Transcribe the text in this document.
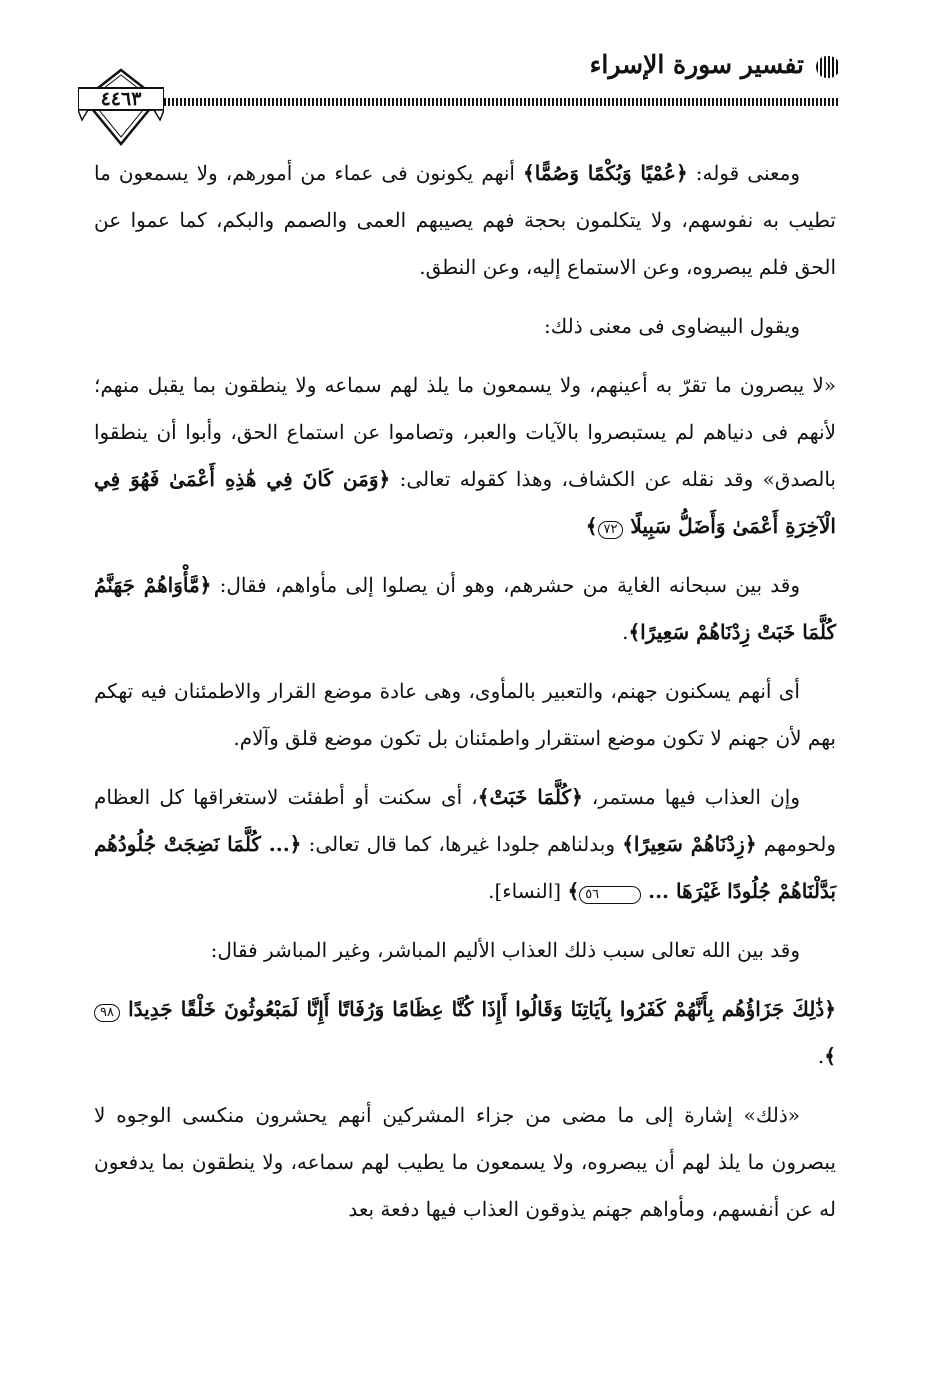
تفسير سورة الإسراء
٤٤٦٣

ومعنى قوله: ﴿عُمْيًا وَبُكْمًا وَصُمًّا﴾ أنهم يكونون فى عماء من أمورهم، ولا يسمعون ما تطيب به نفوسهم، ولا يتكلمون بحجة فهم يصيبهم العمى والصمم والبكم، كما عموا عن الحق فلم يبصروه، وعن الاستماع إليه، وعن النطق.

ويقول البيضاوى فى معنى ذلك:

«لا يبصرون ما تقرّ به أعينهم، ولا يسمعون ما يلذ لهم سماعه ولا ينطقون بما يقبل منهم؛ لأنهم فى دنياهم لم يستبصروا بالآيات والعبر، وتصاموا عن استماع الحق، وأبوا أن ينطقوا بالصدق» وقد نقله عن الكشاف، وهذا كقوله تعالى: ﴿وَمَن كَانَ فِي هَٰذِهِ أَعْمَىٰ فَهُوَ فِي الْآخِرَةِ أَعْمَىٰ وَأَضَلُّ سَبِيلًا ٧٢﴾

وقد بين سبحانه الغاية من حشرهم، وهو أن يصلوا إلى مأواهم، فقال: ﴿مَّأْوَاهُمْ جَهَنَّمُ كُلَّمَا خَبَتْ زِدْنَاهُمْ سَعِيرًا﴾.

أى أنهم يسكنون جهنم، والتعبير بالمأوى، وهى عادة موضع القرار والاطمئنان فيه تهكم بهم لأن جهنم لا تكون موضع استقرار واطمئنان بل تكون موضع قلق وآلام.

وإن العذاب فيها مستمر، ﴿كُلَّمَا خَبَتْ﴾، أى سكنت أو أطفئت لاستغراقها كل العظام ولحومهم ﴿زِدْنَاهُمْ سَعِيرًا﴾ وبدلناهم جلودا غيرها، كما قال تعالى: ﴿... كُلَّمَا نَضِجَتْ جُلُودُهُم بَدَّلْنَاهُمْ جُلُودًا غَيْرَهَا ... ٥٦﴾ [النساء].

وقد بين الله تعالى سبب ذلك العذاب الأليم المباشر، وغير المباشر فقال:

﴿ذَٰلِكَ جَزَاؤُهُم بِأَنَّهُمْ كَفَرُوا بِآيَاتِنَا وَقَالُوا أَإِذَا كُنَّا عِظَامًا وَرُفَاتًا أَإِنَّا لَمَبْعُوثُونَ خَلْقًا جَدِيدًا ٩٨﴾.

«ذلك» إشارة إلى ما مضى من جزاء المشركين أنهم يحشرون منكسى الوجوه لا يبصرون ما يلذ لهم أن يبصروه، ولا يسمعون ما يطيب لهم سماعه، ولا ينطقون بما يدفعون له عن أنفسهم، ومأواهم جهنم يذوقون العذاب فيها دفعة بعد
